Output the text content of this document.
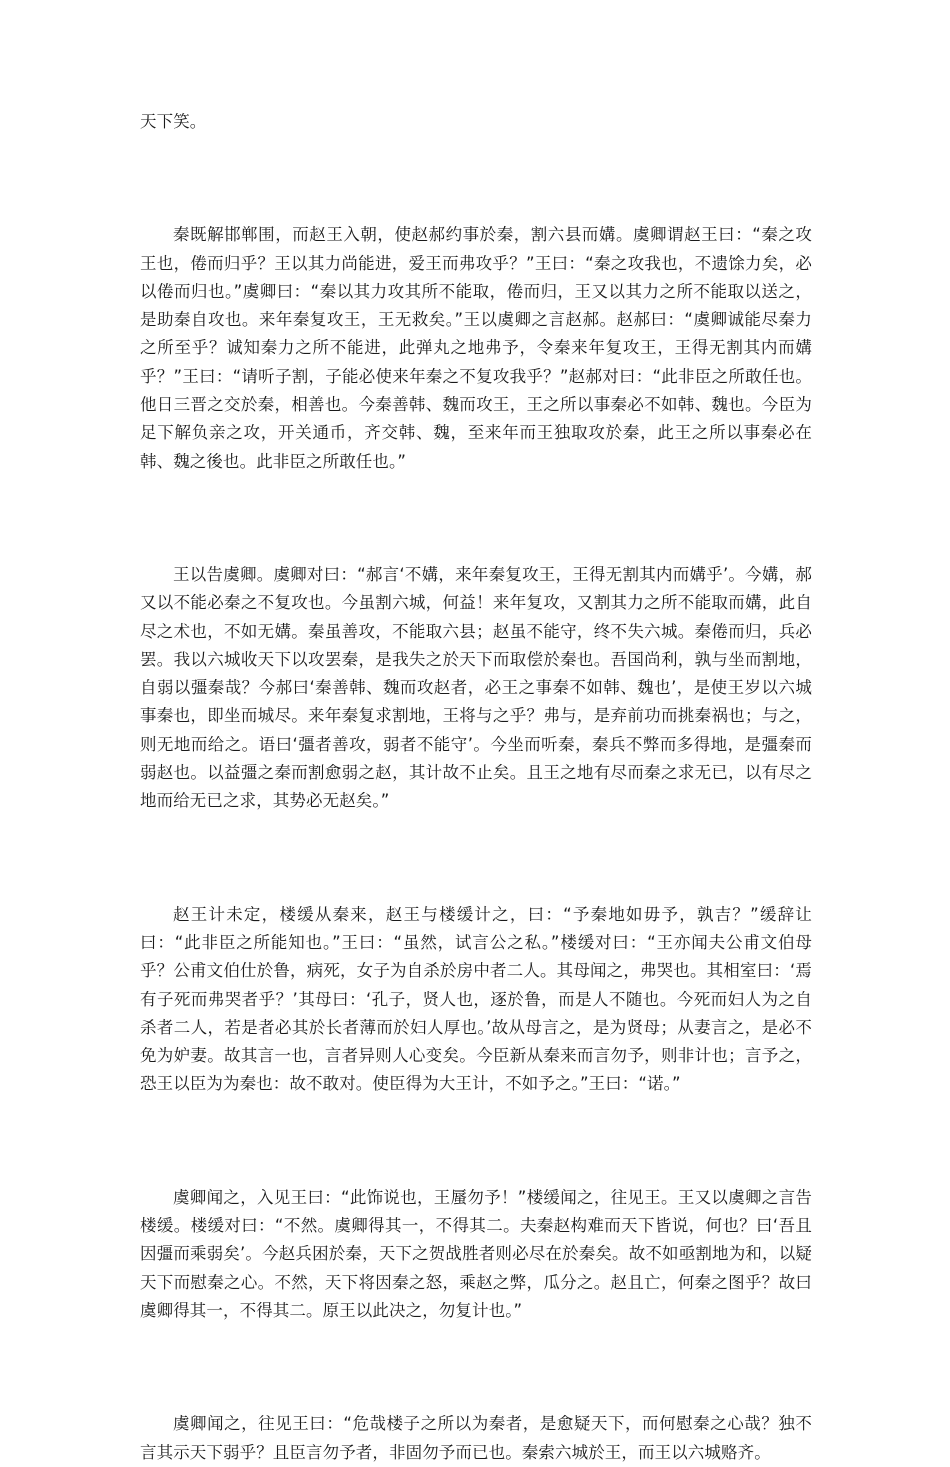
天下笑。

秦既解邯郸围，而赵王入朝，使赵郝约事於秦，割六县而媾。虞卿谓赵王曰：“秦之攻王也，倦而归乎？王以其力尚能进，爱王而弗攻乎？”王曰：“秦之攻我也，不遗馀力矣，必以倦而归也。”虞卿曰：“秦以其力攻其所不能取，倦而归，王又以其力之所不能取以送之，是助秦自攻也。来年秦复攻王，王无救矣。”王以虞卿之言赵郝。赵郝曰：“虞卿诚能尽秦力之所至乎？诚知秦力之所不能进，此弹丸之地弗予，令秦来年复攻王，王得无割其内而媾乎？”王曰：“请听子割，子能必使来年秦之不复攻我乎？”赵郝对曰：“此非臣之所敢任也。他日三晋之交於秦，相善也。今秦善韩、魏而攻王，王之所以事秦必不如韩、魏也。今臣为足下解负亲之攻，开关通币，齐交韩、魏，至来年而王独取攻於秦，此王之所以事秦必在韩、魏之後也。此非臣之所敢任也。”

王以告虞卿。虞卿对曰：“郝言‘不媾，来年秦复攻王，王得无割其内而媾乎’。今媾，郝又以不能必秦之不复攻也。今虽割六城，何益！来年复攻，又割其力之所不能取而媾，此自尽之术也，不如无媾。秦虽善攻，不能取六县；赵虽不能守，终不失六城。秦倦而归，兵必罢。我以六城收天下以攻罢秦，是我失之於天下而取偿於秦也。吾国尚利，孰与坐而割地，自弱以彊秦哉？今郝曰‘秦善韩、魏而攻赵者，必王之事秦不如韩、魏也’，是使王岁以六城事秦也，即坐而城尽。来年秦复求割地，王将与之乎？弗与，是弃前功而挑秦祸也；与之，则无地而给之。语曰‘彊者善攻，弱者不能守’。今坐而听秦，秦兵不弊而多得地，是彊秦而弱赵也。以益彊之秦而割愈弱之赵，其计故不止矣。且王之地有尽而秦之求无已，以有尽之地而给无已之求，其势必无赵矣。”

赵王计未定，楼缓从秦来，赵王与楼缓计之，曰：“予秦地如毋予，孰吉？”缓辞让曰：“此非臣之所能知也。”王曰：“虽然，试言公之私。”楼缓对曰：“王亦闻夫公甫文伯母乎？公甫文伯仕於鲁，病死，女子为自杀於房中者二人。其母闻之，弗哭也。其相室曰：‘焉有子死而弗哭者乎？’其母曰：‘孔子，贤人也，逐於鲁，而是人不随也。今死而妇人为之自杀者二人，若是者必其於长者薄而於妇人厚也。’故从母言之，是为贤母；从妻言之，是必不免为妒妻。故其言一也，言者异则人心变矣。今臣新从秦来而言勿予，则非计也；言予之，恐王以臣为为秦也：故不敢对。使臣得为大王计，不如予之。”王曰：“诺。”

虞卿闻之，入见王曰：“此饰说也，王蜃勿予！”楼缓闻之，往见王。王又以虞卿之言告楼缓。楼缓对曰：“不然。虞卿得其一，不得其二。夫秦赵构难而天下皆说，何也？曰‘吾且因彊而乘弱矣’。今赵兵困於秦，天下之贺战胜者则必尽在於秦矣。故不如亟割地为和，以疑天下而慰秦之心。不然，天下将因秦之怒，乘赵之弊，瓜分之。赵且亡，何秦之图乎？故曰虞卿得其一，不得其二。原王以此决之，勿复计也。”

虞卿闻之，往见王曰：“危哉楼子之所以为秦者，是愈疑天下，而何慰秦之心哉？独不言其示天下弱乎？且臣言勿予者，非固勿予而已也。秦索六城於王，而王以六城赂齐。
